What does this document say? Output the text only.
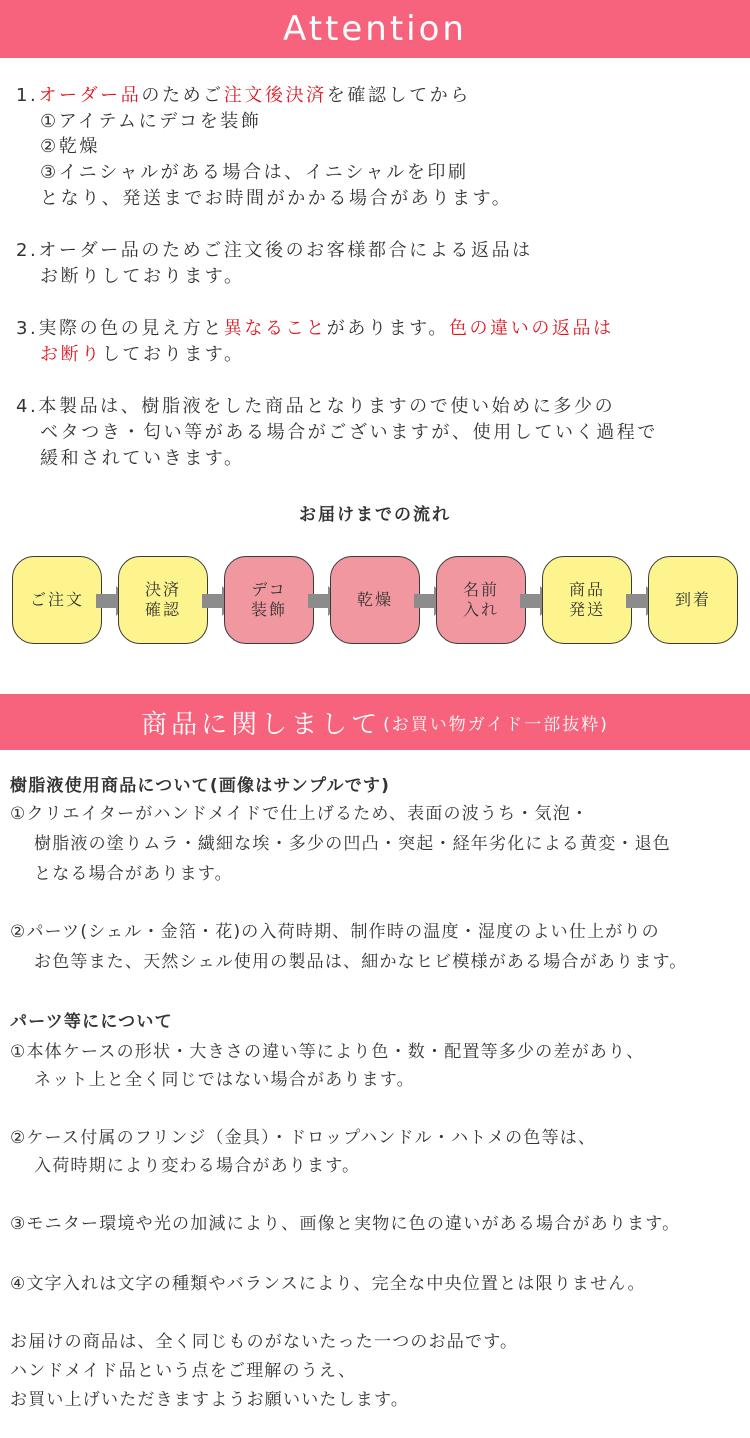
Attention
1.オーダー品のためご注文後決済を確認してから
①アイテムにデコを装飾
②乾燥
③イニシャルがある場合は、イニシャルを印刷
となり、発送までお時間がかかる場合があります。
2.オーダー品のためご注文後のお客様都合による返品は
お断りしております。
3.実際の色の見え方と異なることがあります。色の違いの返品は
お断りしております。
4.本製品は、樹脂液をした商品となりますので使い始めに多少の
ベタつき・匂い等がある場合がございますが、使用していく過程で
緩和されていきます。
お届けまでの流れ
ご注文
決済
確認
デコ
装飾
乾燥
名前
入れ
商品
発送
到着
商品に関しまして (お買い物ガイド一部抜粋)
樹脂液使用商品について(画像はサンプルです)
①クリエイターがハンドメイドで仕上げるため、表面の波うち・気泡・
樹脂液の塗りムラ・繊細な埃・多少の凹凸・突起・経年劣化による黄変・退色
となる場合があります。
②パーツ(シェル・金箔・花)の入荷時期、制作時の温度・湿度のよい仕上がりの
お色等また、天然シェル使用の製品は、細かなヒビ模様がある場合があります。
パーツ等にについて
①本体ケースの形状・大きさの違い等により色・数・配置等多少の差があり、
ネット上と全く同じではない場合があります。
②ケース付属のフリンジ（金具）・ドロップハンドル・ハトメの色等は、
入荷時期により変わる場合があります。
③モニター環境や光の加減により、画像と実物に色の違いがある場合があります。
④文字入れは文字の種類やバランスにより、完全な中央位置とは限りません。
お届けの商品は、全く同じものがないたった一つのお品です。
ハンドメイド品という点をご理解のうえ、
お買い上げいただきますようお願いいたします。
